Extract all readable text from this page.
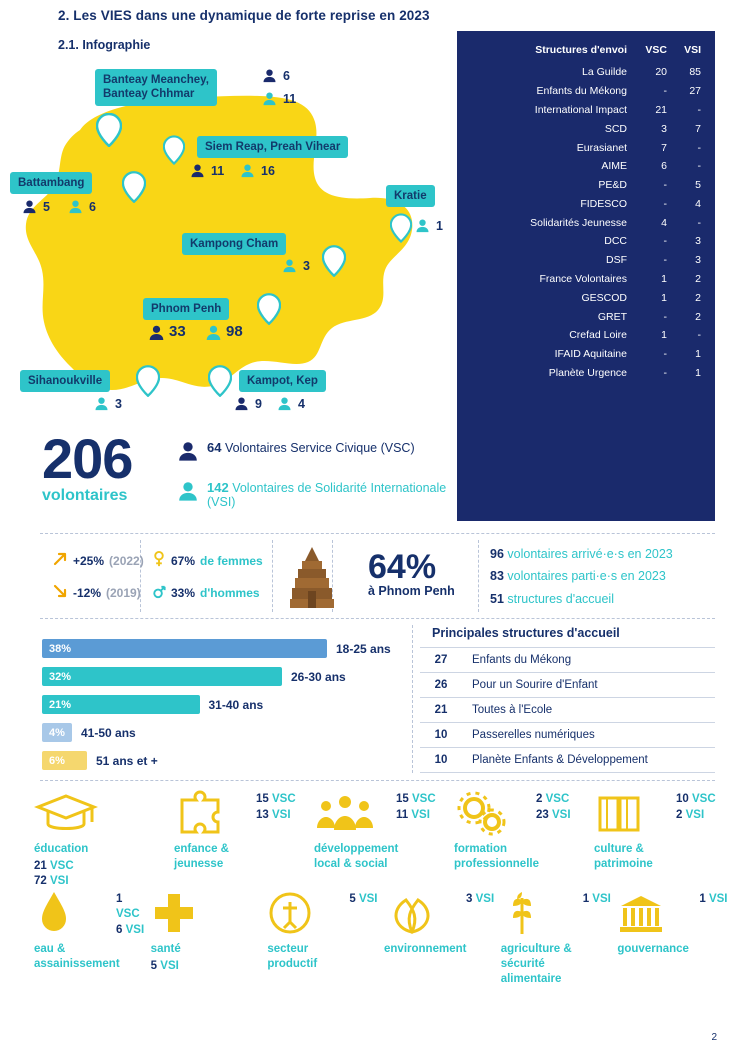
2. Les VIES dans une dynamique de forte reprise en 2023
2.1. Infographie
Banteay Meanchey,
Banteay Chhmar
6
11
Siem Reap, Preah Vihear
11	16
Battambang
5	6
Kratie
1
Kampong Cham
3
Phnom Penh
33	98
Sihanoukville
3
Kampot, Kep
9	4
Structures d'envoi	VSC	VSI
La Guilde	20	85
Enfants du Mékong	-	27
International Impact	21	-
SCD	3	7
Eurasianet	7	-
AIME	6	-
PE&D	-	5
FIDESCO	-	4
Solidarités Jeunesse	4	-
DCC	-	3
DSF	-	3
France Volontaires	1	2
GESCOD	1	2
GRET	-	2
Crefad Loire	1	-
IFAID Aquitaine	-	1
Planète Urgence	-	1
206
volontaires
64 Volontaires Service Civique (VSC)
142 Volontaires de Solidarité Internationale (VSI)
+25% (2022)
-12% (2019)
67% de femmes
33% d'hommes
64%
à Phnom Penh
96 volontaires arrivé·e·s en 2023
83 volontaires parti·e·s en 2023
51 structures d'accueil
38%	18-25 ans
32%	26-30 ans
21%	31-40 ans
4%	41-50 ans
6%	51 ans et +
Principales structures d'accueil
27	Enfants du Mékong
26	Pour un Sourire d'Enfant
21	Toutes à l'Ecole
10	Passerelles numériques
10	Planète Enfants & Développement
éducation
21 VSC
72 VSI
15 VSC
13 VSI
enfance &
jeunesse
15 VSC
11 VSI
développement
local & social
2 VSC
23 VSI
formation
professionnelle
10 VSC
2 VSI
culture &
patrimoine
1 VSC
6 VSI
eau &
assainissement
santé
5 VSI
5 VSI
secteur
productif
3 VSI
environnement
1 VSI
agriculture &
sécurité
alimentaire
1 VSI
gouvernance
2
